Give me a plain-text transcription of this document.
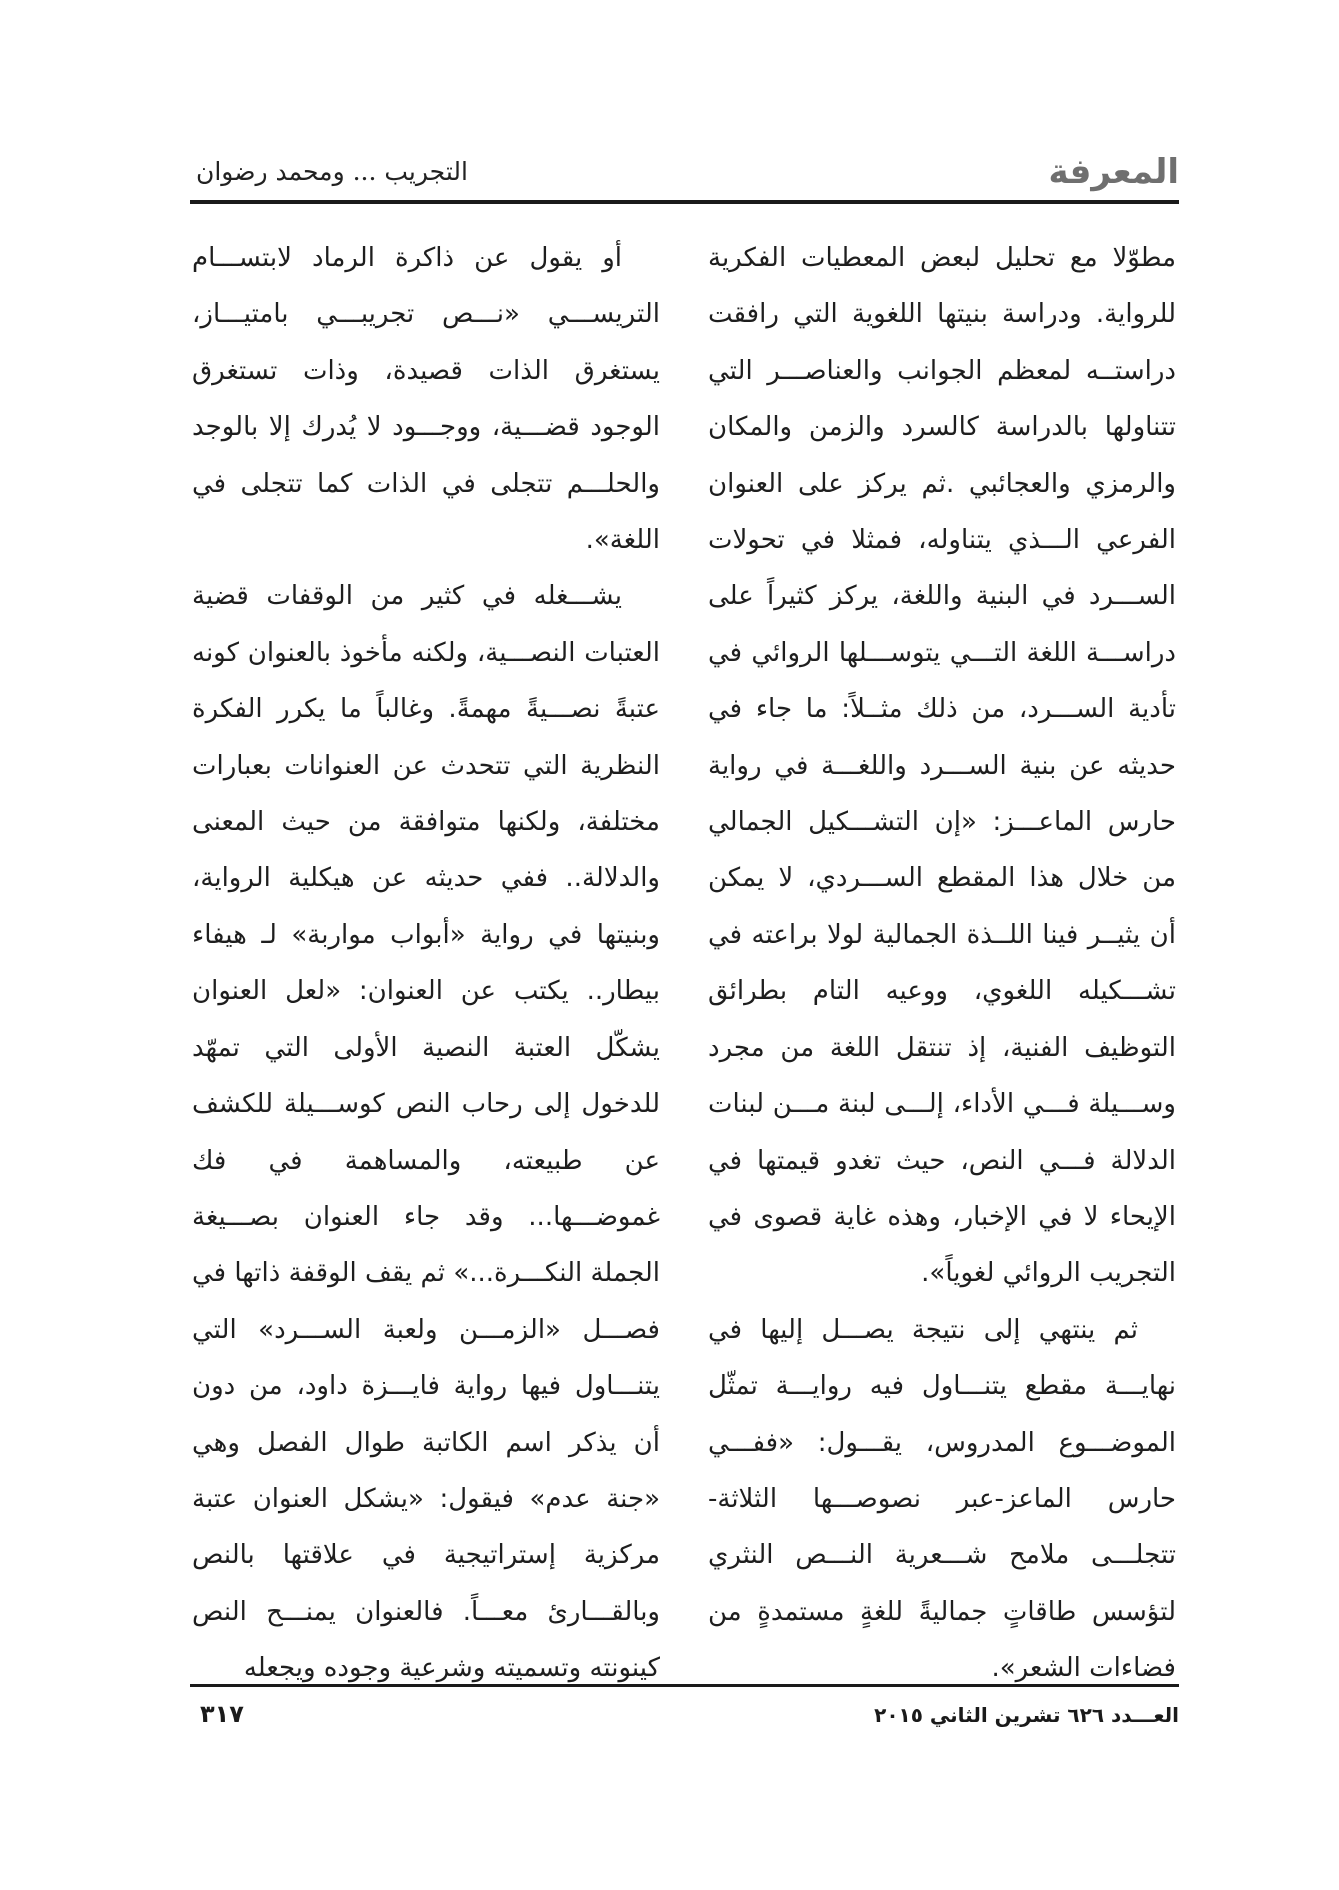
المعرفة
التجريب ... ومحمد رضوان

مطوّلا مع تحليل لبعض المعطيات الفكرية للرواية. ودراسة بنيتها اللغوية التي رافقت دراستــه لمعظم الجوانب والعناصـــر التي تتناولها بالدراسة كالسرد والزمن والمكان والرمزي والعجائبي .ثم يركز على العنوان الفرعي الـــذي يتناوله، فمثلا في تحولات الســـرد في البنية واللغة، يركز كثيراً على دراســـة اللغة التـــي يتوســـلها الروائي في تأدية الســـرد، من ذلك مثــلاً: ما جاء في حديثه عن بنية الســـرد واللغـــة في رواية حارس الماعـــز: «إن التشـــكيل الجمالي من خلال هذا المقطع الســـردي، لا يمكن أن يثيــر فينا اللــذة الجمالية لولا براعته في تشـــكيله اللغوي، ووعيه التام بطرائق التوظيف الفنية، إذ تنتقل اللغة من مجرد وســـيلة فـــي الأداء، إلـــى لبنة مـــن لبنات الدلالة فـــي النص، حيث تغدو قيمتها في الإيحاء لا في الإخبار، وهذه غاية قصوى في التجريب الروائي لغوياً».

ثم ينتهي إلى نتيجة يصـــل إليها في نهايـــة مقطع يتنـــاول فيه روايـــة تمثّل الموضـــوع المدروس، يقـــول: «ففـــي حارس الماعز-عبر نصوصـــها الثلاثة- تتجلـــى ملامح شـــعرية النـــص النثري لتؤسس طاقاتٍ جماليةً للغةٍ مستمدةٍ من فضاءات الشعر».

أو يقول عن ذاكرة الرماد لابتســـام التريســـي «نـــص تجريبـــي بامتيـــاز، يستغرق الذات قصيدة، وذات تستغرق الوجود قضـــية، ووجـــود لا يُدرك إلا بالوجد والحلـــم تتجلى في الذات كما تتجلى في اللغة».

يشـــغله في كثير من الوقفات قضية العتبات النصـــية، ولكنه مأخوذ بالعنوان كونه عتبةً نصـــيةً مهمةً. وغالباً ما يكرر الفكرة النظرية التي تتحدث عن العنوانات بعبارات مختلفة، ولكنها متوافقة من حيث المعنى والدلالة.. ففي حديثه عن هيكلية الرواية، وبنيتها في رواية «أبواب مواربة» لـ هيفاء بيطار.. يكتب عن العنوان: «لعل العنوان يشكّل العتبة النصية الأولى التي تمهّد للدخول إلى رحاب النص كوســـيلة للكشف عن طبيعته، والمساهمة في فك غموضـــها... وقد جاء العنوان بصـــيغة الجملة النكـــرة...» ثم يقف الوقفة ذاتها في فصـــل «الزمـــن ولعبة الســـرد» التي يتنـــاول فيها رواية فايـــزة داود، من دون أن يذكر اسم الكاتبة طوال الفصل وهي «جنة عدم» فيقول: «يشكل العنوان عتبة مركزية إستراتيجية في علاقتها بالنص وبالقـــارئ معـــاً. فالعنوان يمنـــح النص كينونته وتسميته وشرعية وجوده ويجعله

العـــدد ٦٢٦ تشرين الثاني ٢٠١٥
٣١٧
